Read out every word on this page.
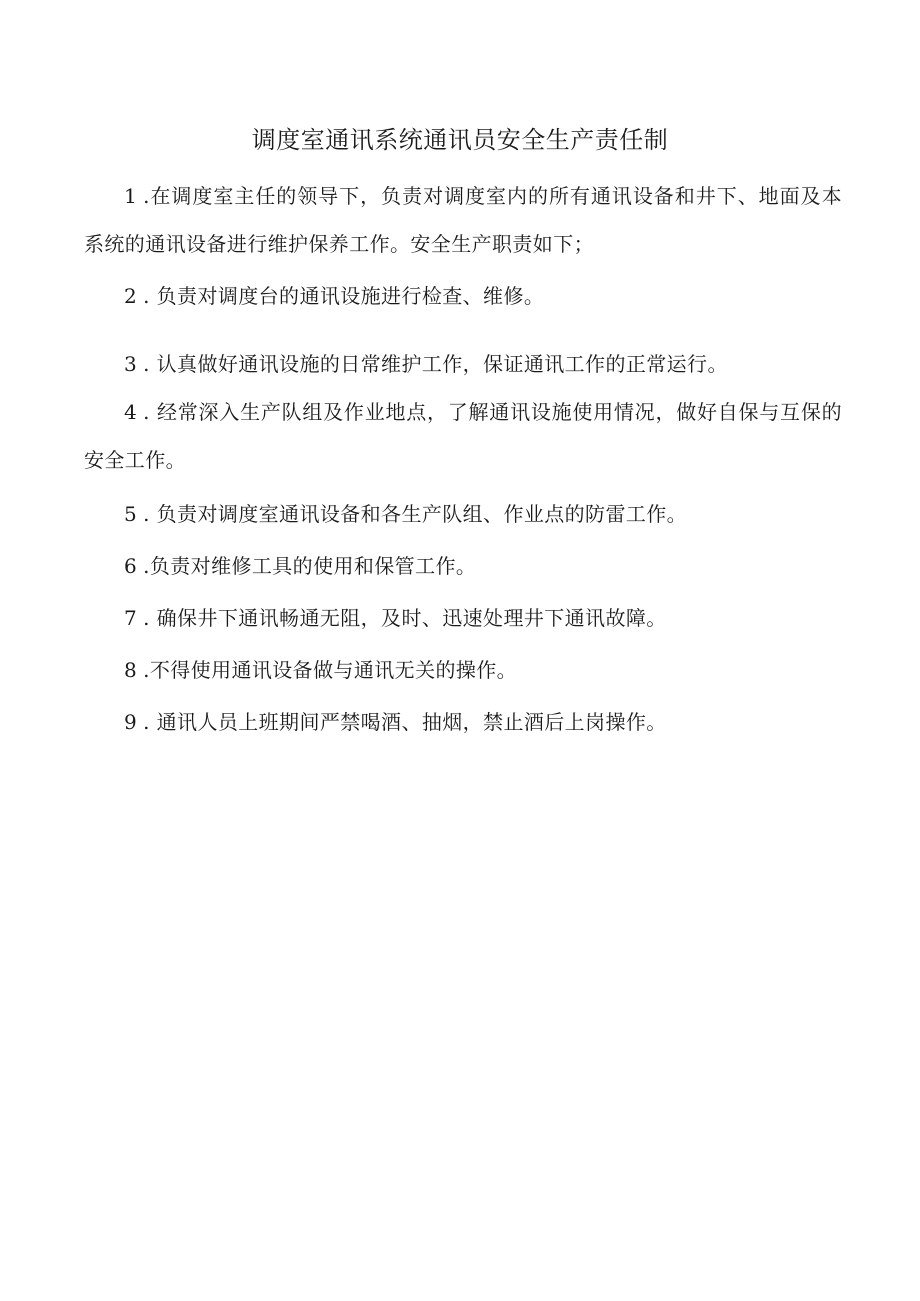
调度室通讯系统通讯员安全生产责任制

1 .在调度室主任的领导下，负责对调度室内的所有通讯设备和井下、地面及本系统的通讯设备进行维护保养工作。安全生产职责如下；

2 . 负责对调度台的通讯设施进行检查、维修。

3 . 认真做好通讯设施的日常维护工作，保证通讯工作的正常运行。

4 . 经常深入生产队组及作业地点，了解通讯设施使用情况，做好自保与互保的安全工作。

5 . 负责对调度室通讯设备和各生产队组、作业点的防雷工作。

6 .负责对维修工具的使用和保管工作。

7 . 确保井下通讯畅通无阻，及时、迅速处理井下通讯故障。

8 .不得使用通讯设备做与通讯无关的操作。

9 . 通讯人员上班期间严禁喝酒、抽烟，禁止酒后上岗操作。
